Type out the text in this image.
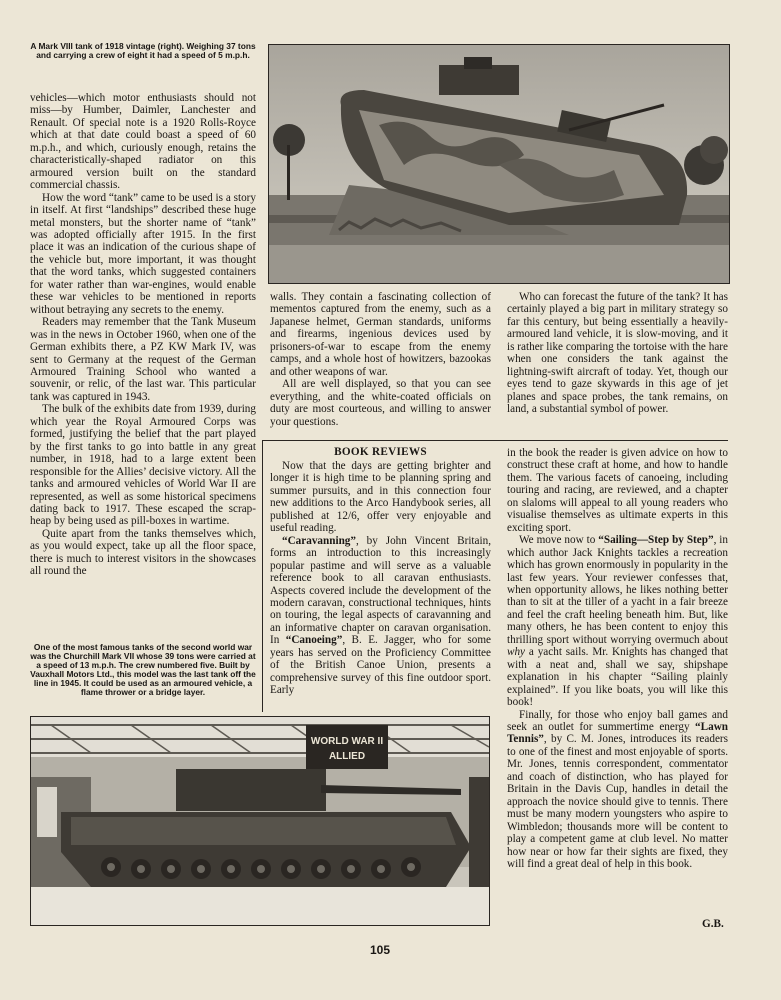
A Mark VIII tank of 1918 vintage (right). Weighing 37 tons and carrying a crew of eight it had a speed of 5 m.p.h.

vehicles—which motor enthusiasts should not miss—by Humber, Daimler, Lanchester and Renault. Of special note is a 1920 Rolls-Royce which at that date could boast a speed of 60 m.p.h., and which, curiously enough, retains the characteristically-shaped radiator on this armoured version built on the standard commercial chassis.

How the word “tank” came to be used is a story in itself. At first “landships” described these huge metal monsters, but the shorter name of “tank” was adopted officially after 1915. In the first place it was an indication of the curious shape of the vehicle but, more important, it was thought that the word tanks, which suggested containers for water rather than war-engines, would enable these war vehicles to be mentioned in reports without betraying any secrets to the enemy.

Readers may remember that the Tank Museum was in the news in October 1960, when one of the German exhibits there, a PZ KW Mark IV, was sent to Germany at the request of the German Armoured Training School who wanted a souvenir, or relic, of the last war. This particular tank was captured in 1943.

The bulk of the exhibits date from 1939, during which year the Royal Armoured Corps was formed, justifying the belief that the part played by the first tanks to go into battle in any great number, in 1918, had to a large extent been responsible for the Allies’ decisive victory. All the tanks and armoured vehicles of World War II are represented, as well as some historical specimens dating back to 1917. These escaped the scrap-heap by being used as pill-boxes in wartime.

Quite apart from the tanks themselves which, as you would expect, take up all the floor space, there is much to interest visitors in the showcases all round the

One of the most famous tanks of the second world war was the Churchill Mark VII whose 39 tons were carried at a speed of 13 m.p.h. The crew numbered five. Built by Vauxhall Motors Ltd., this model was the last tank off the line in 1945. It could be used as an armoured vehicle, a flame thrower or a bridge layer.

walls. They contain a fascinating collection of mementos captured from the enemy, such as a Japanese helmet, German standards, uniforms and firearms, ingenious devices used by prisoners-of-war to escape from the enemy camps, and a whole host of howitzers, bazookas and other weapons of war.

All are well displayed, so that you can see everything, and the white-coated officials on duty are most courteous, and willing to answer your questions.

Who can forecast the future of the tank? It has certainly played a big part in military strategy so far this century, but being essentially a heavily-armoured land vehicle, it is slow-moving, and it is rather like comparing the tortoise with the hare when one considers the tank against the lightning-swift aircraft of today. Yet, though our eyes tend to gaze skywards in this age of jet planes and space probes, the tank remains, on land, a substantial symbol of power.

BOOK REVIEWS

Now that the days are getting brighter and longer it is high time to be planning spring and summer pursuits, and in this connection four new additions to the Arco Handybook series, all published at 12/6, offer very enjoyable and useful reading.

“Caravanning”, by John Vincent Britain, forms an introduction to this increasingly popular pastime and will serve as a valuable reference book to all caravan enthusiasts. Aspects covered include the development of the modern caravan, constructional techniques, hints on touring, the legal aspects of caravanning and an informative chapter on caravan organisation. In “Canoeing”, B. E. Jagger, who for some years has served on the Proficiency Committee of the British Canoe Union, presents a comprehensive survey of this fine outdoor sport. Early

in the book the reader is given advice on how to construct these craft at home, and how to handle them. The various facets of canoeing, including touring and racing, are reviewed, and a chapter on slaloms will appeal to all young readers who visualise themselves as ultimate experts in this exciting sport.

We move now to “Sailing—Step by Step”, in which author Jack Knights tackles a recreation which has grown enormously in popularity in the last few years. Your reviewer confesses that, when opportunity allows, he likes nothing better than to sit at the tiller of a yacht in a fair breeze and feel the craft heeling beneath him. But, like many others, he has been content to enjoy this thrilling sport without worrying overmuch about why a yacht sails. Mr. Knights has changed that with a neat and, shall we say, shipshape explanation in his chapter “Sailing plainly explained”. If you like boats, you will like this book!

Finally, for those who enjoy ball games and seek an outlet for summertime energy “Lawn Tennis”, by C. M. Jones, introduces its readers to one of the finest and most enjoyable of sports. Mr. Jones, tennis correspondent, commentator and coach of distinction, who has played for Britain in the Davis Cup, handles in detail the approach the novice should give to tennis. There must be many modern youngsters who aspire to Wimbledon; thousands more will be content to play a competent game at club level. No matter how near or how far their sights are fixed, they will find a great deal of help in this book.

G.B.
WORLD WAR II
ALLIED
105
